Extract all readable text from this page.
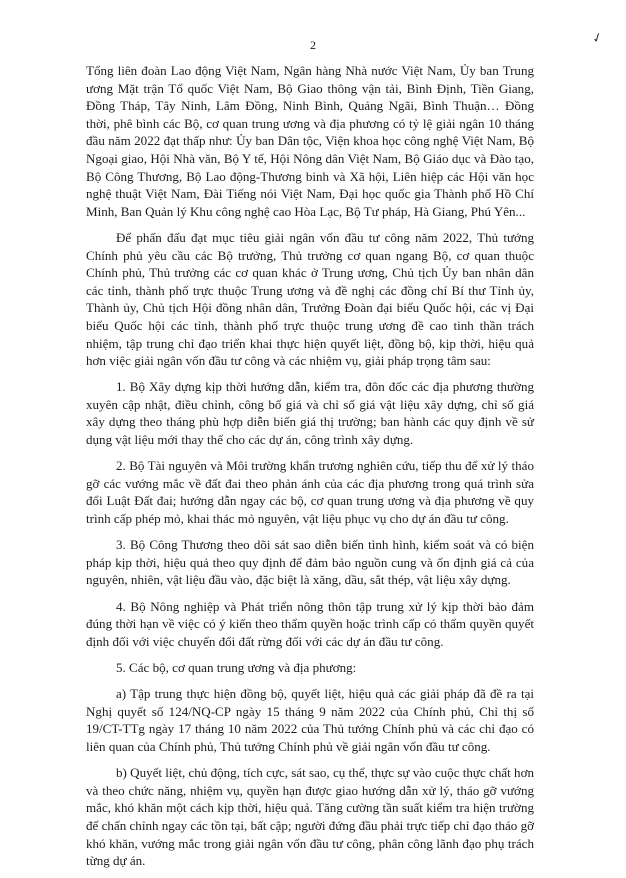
2	✓

Tổng liên đoàn Lao động Việt Nam, Ngân hàng Nhà nước Việt Nam, Ủy ban Trung ương Mặt trận Tổ quốc Việt Nam, Bộ Giao thông vận tải, Bình Định, Tiền Giang, Đồng Tháp, Tây Ninh, Lâm Đồng, Ninh Bình, Quảng Ngãi, Bình Thuận… Đồng thời, phê bình các Bộ, cơ quan trung ương và địa phương có tỷ lệ giải ngân 10 tháng đầu năm 2022 đạt thấp như: Ủy ban Dân tộc, Viện khoa học công nghệ Việt Nam, Bộ Ngoại giao, Hội Nhà văn, Bộ Y tế, Hội Nông dân Việt Nam, Bộ Giáo dục và Đào tạo, Bộ Công Thương, Bộ Lao động-Thương binh và Xã hội, Liên hiệp các Hội văn học nghệ thuật Việt Nam, Đài Tiếng nói Việt Nam, Đại học quốc gia Thành phố Hồ Chí Minh, Ban Quản lý Khu công nghệ cao Hòa Lạc, Bộ Tư pháp, Hà Giang, Phú Yên...

Để phấn đấu đạt mục tiêu giải ngân vốn đầu tư công năm 2022, Thủ tướng Chính phủ yêu cầu các Bộ trưởng, Thủ trưởng cơ quan ngang Bộ, cơ quan thuộc Chính phủ, Thủ trưởng các cơ quan khác ở Trung ương, Chủ tịch Ủy ban nhân dân các tỉnh, thành phố trực thuộc Trung ương và đề nghị các đồng chí Bí thư Tỉnh ủy, Thành ủy, Chủ tịch Hội đồng nhân dân, Trưởng Đoàn đại biểu Quốc hội, các vị Đại biểu Quốc hội các tỉnh, thành phố trực thuộc trung ương đề cao tinh thần trách nhiệm, tập trung chỉ đạo triển khai thực hiện quyết liệt, đồng bộ, kịp thời, hiệu quả hơn việc giải ngân vốn đầu tư công và các nhiệm vụ, giải pháp trọng tâm sau:

1. Bộ Xây dựng kịp thời hướng dẫn, kiểm tra, đôn đốc các địa phương thường xuyên cập nhật, điều chỉnh, công bố giá và chỉ số giá vật liệu xây dựng, chỉ số giá xây dựng theo tháng phù hợp diễn biến giá thị trường; ban hành các quy định về sử dụng vật liệu mới thay thế cho các dự án, công trình xây dựng.

2. Bộ Tài nguyên và Môi trường khẩn trương nghiên cứu, tiếp thu để xử lý tháo gỡ các vướng mắc về đất đai theo phản ánh của các địa phương trong quá trình sửa đổi Luật Đất đai; hướng dẫn ngay các bộ, cơ quan trung ương và địa phương về quy trình cấp phép mỏ, khai thác mỏ nguyên, vật liệu phục vụ cho dự án đầu tư công.

3. Bộ Công Thương theo dõi sát sao diễn biến tình hình, kiểm soát và có biện pháp kịp thời, hiệu quả theo quy định để đảm bảo nguồn cung và ổn định giá cả của nguyên, nhiên, vật liệu đầu vào, đặc biệt là xăng, dầu, sắt thép, vật liệu xây dựng.

4. Bộ Nông nghiệp và Phát triển nông thôn tập trung xử lý kịp thời bảo đảm đúng thời hạn về việc có ý kiến theo thẩm quyền hoặc trình cấp có thẩm quyền quyết định đối với việc chuyển đổi đất rừng đối với các dự án đầu tư công.

5. Các bộ, cơ quan trung ương và địa phương:

a) Tập trung thực hiện đồng bộ, quyết liệt, hiệu quả các giải pháp đã đề ra tại Nghị quyết số 124/NQ-CP ngày 15 tháng 9 năm 2022 của Chính phủ, Chỉ thị số 19/CT-TTg ngày 17 tháng 10 năm 2022 của Thủ tướng Chính phủ và các chỉ đạo có liên quan của Chính phủ, Thủ tướng Chính phủ về giải ngân vốn đầu tư công.

b) Quyết liệt, chủ động, tích cực, sát sao, cụ thể, thực sự vào cuộc thực chất hơn và theo chức năng, nhiệm vụ, quyền hạn được giao hướng dẫn xử lý, tháo gỡ vướng mắc, khó khăn một cách kịp thời, hiệu quả. Tăng cường tần suất kiểm tra hiện trường để chấn chỉnh ngay các tồn tại, bất cập; người đứng đầu phải trực tiếp chỉ đạo tháo gỡ khó khăn, vướng mắc trong giải ngân vốn đầu tư công, phân công lãnh đạo phụ trách từng dự án.
